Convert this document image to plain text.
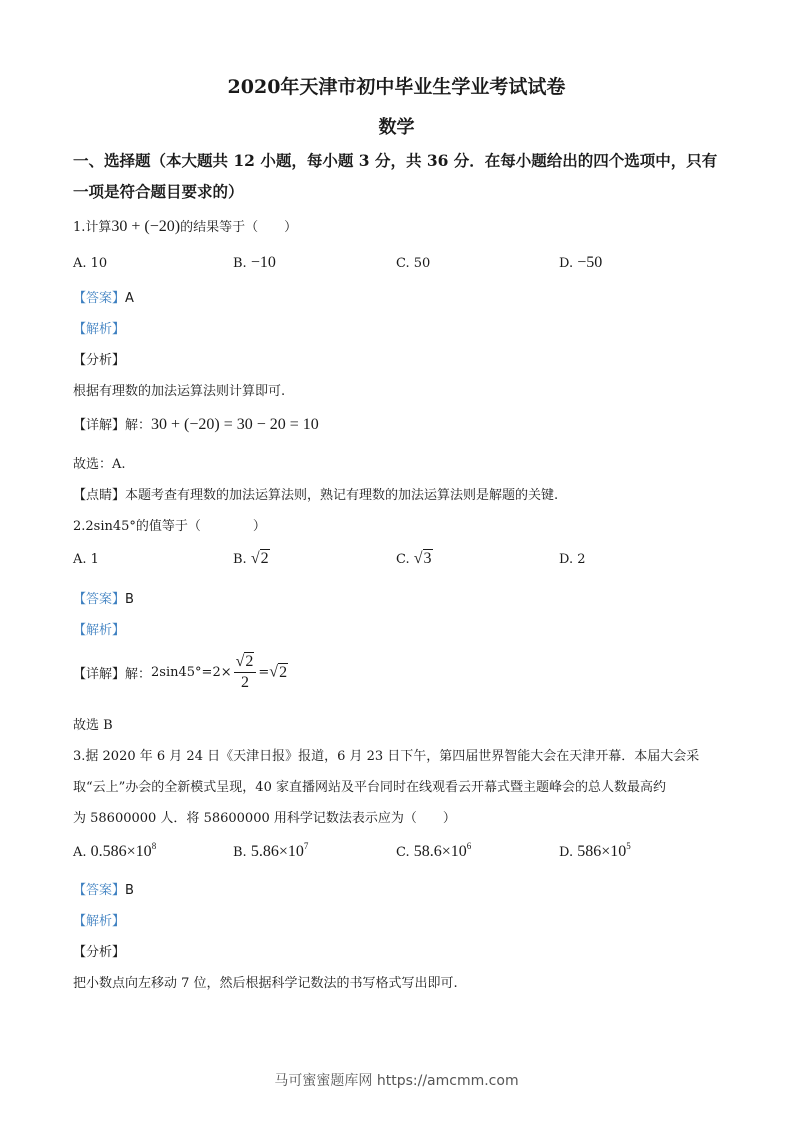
2020年天津市初中毕业生学业考试试卷
数学
一、选择题（本大题共 12 小题，每小题 3 分，共 36 分．在每小题给出的四个选项中，只有
一项是符合题目要求的）
1.计算30 + (−20)的结果等于（　　）
A. 10	B. −10	C. 50	D. −50
【答案】A
【解析】
【分析】
根据有理数的加法运算法则计算即可.
【详解】解：30 + (−20) = 30 − 20 = 10
故选：A.
【点睛】本题考查有理数的加法运算法则，熟记有理数的加法运算法则是解题的关键.
2.2sin45°的值等于（　　　　）
A. 1	B. √2	C. √3	D. 2
【答案】B
【解析】
【详解】解：$2\sin 45^\circ=2\times \frac{√2}{2} =√2$
故选 B
3.据 2020 年 6 月 24 日《天津日报》报道，6 月 23 日下午，第四届世界智能大会在天津开幕．本届大会采
取“云上”办会的全新模式呈现，40 家直播网站及平台同时在线观看云开幕式暨主题峰会的总人数最高约
为 58600000 人．将 58600000 用科学记数法表示应为（　　）
A. $0.586\times 10^8$	B. $5.86\times 10^7$	C. $58.6\times 10^6$	D. $586\times 10^5$
【答案】B
【解析】
【分析】
把小数点向左移动 7 位，然后根据科学记数法的书写格式写出即可.
马可蜜蜜题库网 https://amcmm.com
